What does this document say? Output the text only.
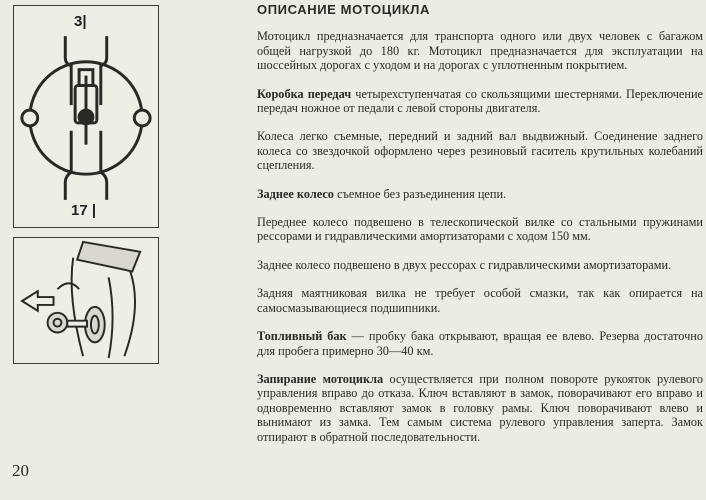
3|
17 |
ОПИСАНИЕ МОТОЦИКЛА

Мотоцикл предназначается для транспорта одного или двух человек с багажом общей нагрузкой до 180 кг. Мотоцикл предназначается для эксплуатации на шоссейных дорогах с уходом и на дорогах с уплотненным покрытием.

Коробка передач четырехступенчатая со скользящими шестернями. Переключение передач ножное от педали с левой стороны двигателя.

Колеса легко съемные, передний и задний вал выдвижный. Соединение заднего колеса со звездочкой оформлено через резиновый гаситель крутильных колебаний сцепления.

Заднее колесо съемное без разъединения цепи.

Переднее колесо подвешено в телескопической вилке со стальными пружинами рессорами и гидравлическими амортизаторами с ходом 150 мм.

Заднее колесо подвешено в двух рессорах с гидравлическими амортизаторами.

Задняя маятниковая вилка не требует особой смазки, так как опирается на самосмазывающиеся подшипники.

Топливный бак — пробку бака открывают, вращая ее влево. Резерва достаточно для пробега примерно 30—40 км.

Запирание мотоцикла осуществляется при полном повороте рукояток рулевого управления вправо до отказа. Ключ вставляют в замок, поворачивают его вправо и одновременно вставляют замок в головку рамы. Ключ поворачивают влево и вынимают из замка. Тем самым система рулевого управления заперта. Замок отпирают в обратной последовательности.

20
